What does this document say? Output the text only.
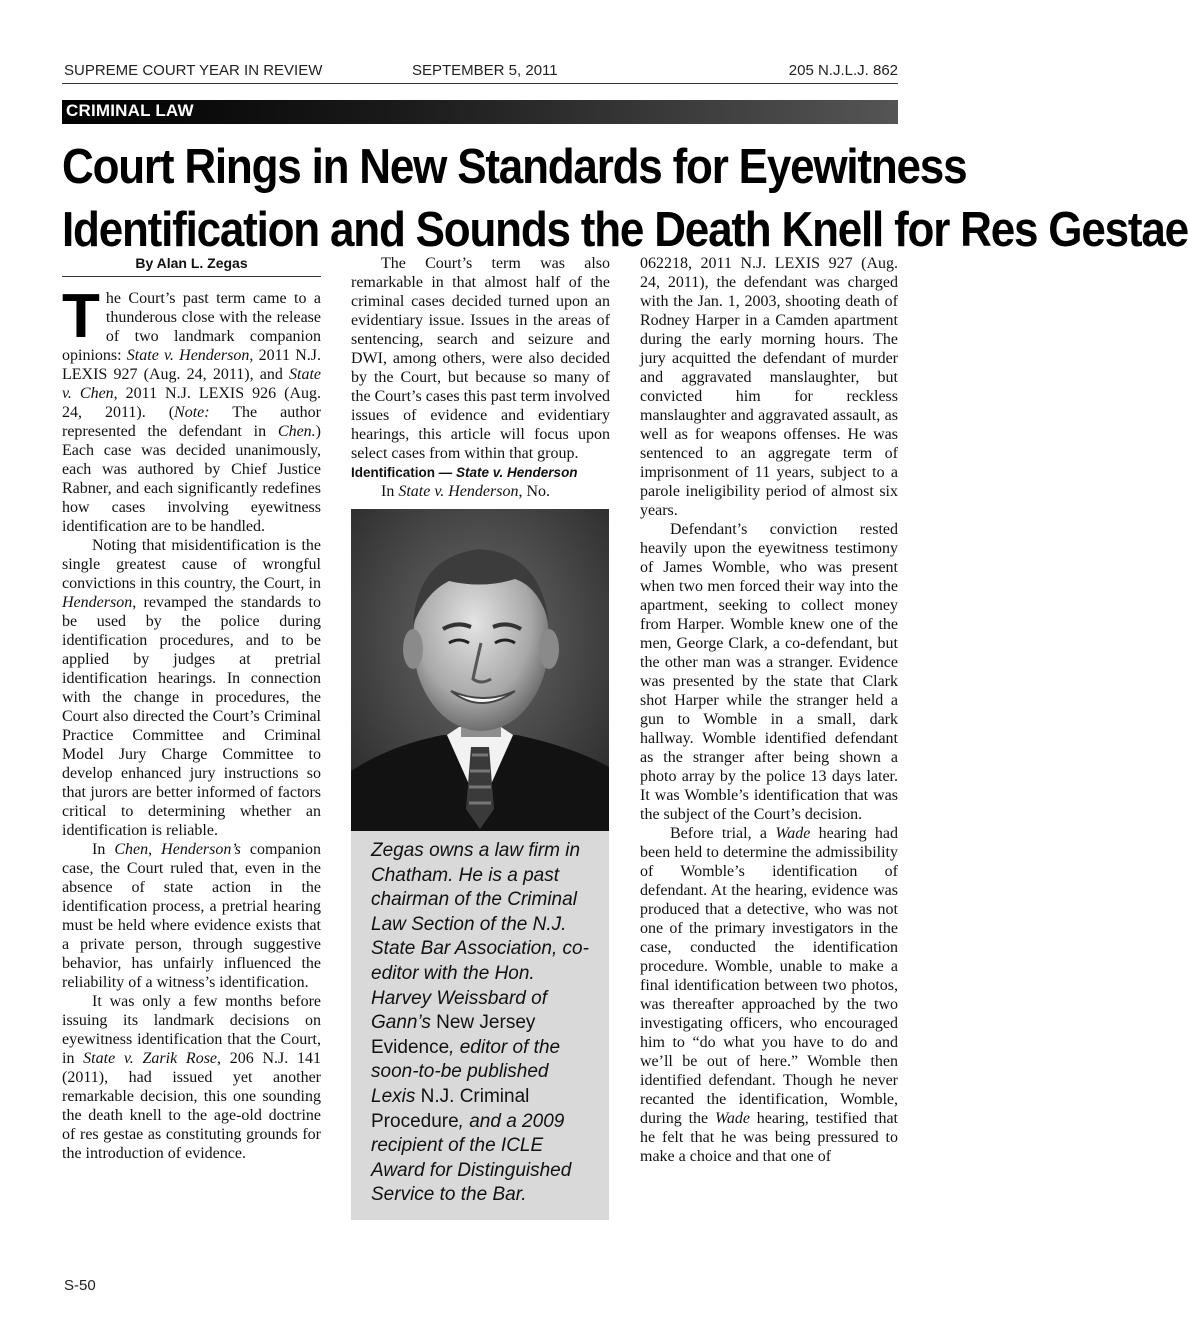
SUPREME COURT YEAR IN REVIEW	SEPTEMBER 5, 2011	205 N.J.L.J. 862
CRIMINAL LAW
Court Rings in New Standards for Eyewitness
Identification and Sounds the Death Knell for Res Gestae
By Alan L. Zegas

The Court’s past term came to a thunderous close with the release of two landmark companion opinions: State v. Henderson, 2011 N.J. LEXIS 927 (Aug. 24, 2011), and State v. Chen, 2011 N.J. LEXIS 926 (Aug. 24, 2011). (Note: The author represented the defendant in Chen.) Each case was decided unanimously, each was authored by Chief Justice Rabner, and each significantly redefines how cases involving eyewitness identification are to be handled.

Noting that misidentification is the single greatest cause of wrongful convictions in this country, the Court, in Henderson, revamped the standards to be used by the police during identification procedures, and to be applied by judges at pretrial identification hearings. In connection with the change in procedures, the Court also directed the Court’s Criminal Practice Committee and Criminal Model Jury Charge Committee to develop enhanced jury instructions so that jurors are better informed of factors critical to determining whether an identification is reliable.

In Chen, Henderson’s companion case, the Court ruled that, even in the absence of state action in the identification process, a pretrial hearing must be held where evidence exists that a private person, through suggestive behavior, has unfairly influenced the reliability of a witness’s identification.

It was only a few months before issuing its landmark decisions on eyewitness identification that the Court, in State v. Zarik Rose, 206 N.J. 141 (2011), had issued yet another remarkable decision, this one sounding the death knell to the age-old doctrine of res gestae as constituting grounds for the introduction of evidence.

The Court’s term was also remarkable in that almost half of the criminal cases decided turned upon an evidentiary issue. Issues in the areas of sentencing, search and seizure and DWI, among others, were also decided by the Court, but because so many of the Court’s cases this past term involved issues of evidence and evidentiary hearings, this article will focus upon select cases from within that group.

Identification — State v. Henderson

In State v. Henderson, No.

Zegas owns a law firm in Chatham. He is a past chairman of the Criminal Law Section of the N.J. State Bar Association, co-editor with the Hon. Harvey Weissbard of Gann’s New Jersey Evidence, editor of the soon-to-be published Lexis N.J. Criminal Procedure, and a 2009 recipient of the ICLE Award for Distinguished Service to the Bar.

062218, 2011 N.J. LEXIS 927 (Aug. 24, 2011), the defendant was charged with the Jan. 1, 2003, shooting death of Rodney Harper in a Camden apartment during the early morning hours. The jury acquitted the defendant of murder and aggravated manslaughter, but convicted him for reckless manslaughter and aggravated assault, as well as for weapons offenses. He was sentenced to an aggregate term of imprisonment of 11 years, subject to a parole ineligibility period of almost six years.

Defendant’s conviction rested heavily upon the eyewitness testimony of James Womble, who was present when two men forced their way into the apartment, seeking to collect money from Harper. Womble knew one of the men, George Clark, a co-defendant, but the other man was a stranger. Evidence was presented by the state that Clark shot Harper while the stranger held a gun to Womble in a small, dark hallway. Womble identified defendant as the stranger after being shown a photo array by the police 13 days later. It was Womble’s identification that was the subject of the Court’s decision.

Before trial, a Wade hearing had been held to determine the admissibility of Womble’s identification of defendant. At the hearing, evidence was produced that a detective, who was not one of the primary investigators in the case, conducted the identification procedure. Womble, unable to make a final identification between two photos, was thereafter approached by the two investigating officers, who encouraged him to “do what you have to do and we’ll be out of here.” Womble then identified defendant. Though he never recanted the identification, Womble, during the Wade hearing, testified that he felt that he was being pressured to make a choice and that one of

S-50
